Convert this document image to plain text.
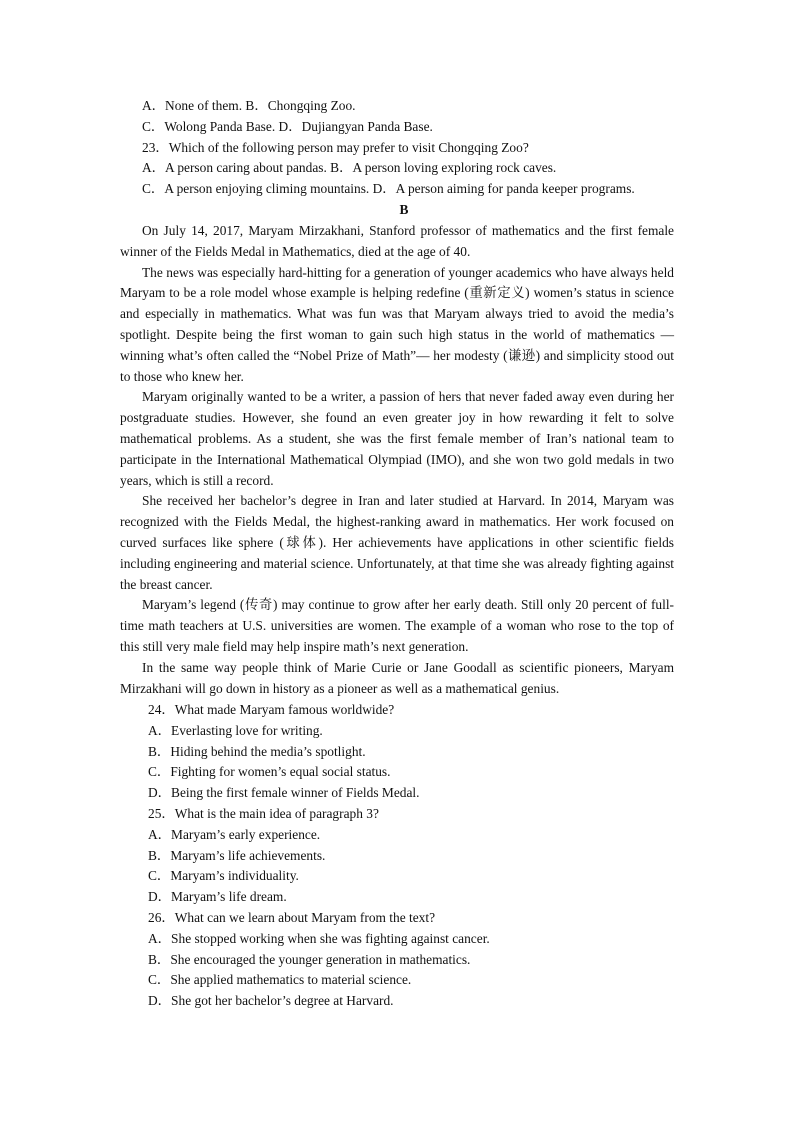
A．None of them. B．Chongqing Zoo.
C．Wolong Panda Base. D．Dujiangyan Panda Base.
23．Which of the following person may prefer to visit Chongqing Zoo?
A．A person caring about pandas. B．A person loving exploring rock caves.
C．A person enjoying climing mountains. D．A person aiming for panda keeper programs.
B

On July 14, 2017, Maryam Mirzakhani, Stanford professor of mathematics and the first female winner of the Fields Medal in Mathematics, died at the age of 40.

The news was especially hard-hitting for a generation of younger academics who have always held Maryam to be a role model whose example is helping redefine (重新定义) women’s status in science and especially in mathematics. What was fun was that Maryam always tried to avoid the media’s spotlight. Despite being the first woman to gain such high status in the world of mathematics — winning what’s often called the “Nobel Prize of Math”— her modesty (谦逊) and simplicity stood out to those who knew her.

Maryam originally wanted to be a writer, a passion of hers that never faded away even during her postgraduate studies. However, she found an even greater joy in how rewarding it felt to solve mathematical problems. As a student, she was the first female member of Iran’s national team to participate in the International Mathematical Olympiad (IMO), and she won two gold medals in two years, which is still a record.

She received her bachelor’s degree in Iran and later studied at Harvard. In 2014, Maryam was recognized with the Fields Medal, the highest-ranking award in mathematics. Her work focused on curved surfaces like sphere (球体). Her achievements have applications in other scientific fields including engineering and material science. Unfortunately, at that time she was already fighting against the breast cancer.

Maryam’s legend (传奇) may continue to grow after her early death. Still only 20 percent of full-time math teachers at U.S. universities are women. The example of a woman who rose to the top of this still very male field may help inspire math’s next generation.

In the same way people think of Marie Curie or Jane Goodall as scientific pioneers, Maryam Mirzakhani will go down in history as a pioneer as well as a mathematical genius.

24．What made Maryam famous worldwide?
A．Everlasting love for writing.
B．Hiding behind the media’s spotlight.
C．Fighting for women’s equal social status.
D．Being the first female winner of Fields Medal.
25．What is the main idea of paragraph 3?
A．Maryam’s early experience.
B．Maryam’s life achievements.
C．Maryam’s individuality.
D．Maryam’s life dream.
26．What can we learn about Maryam from the text?
A．She stopped working when she was fighting against cancer.
B．She encouraged the younger generation in mathematics.
C．She applied mathematics to material science.
D．She got her bachelor’s degree at Harvard.
